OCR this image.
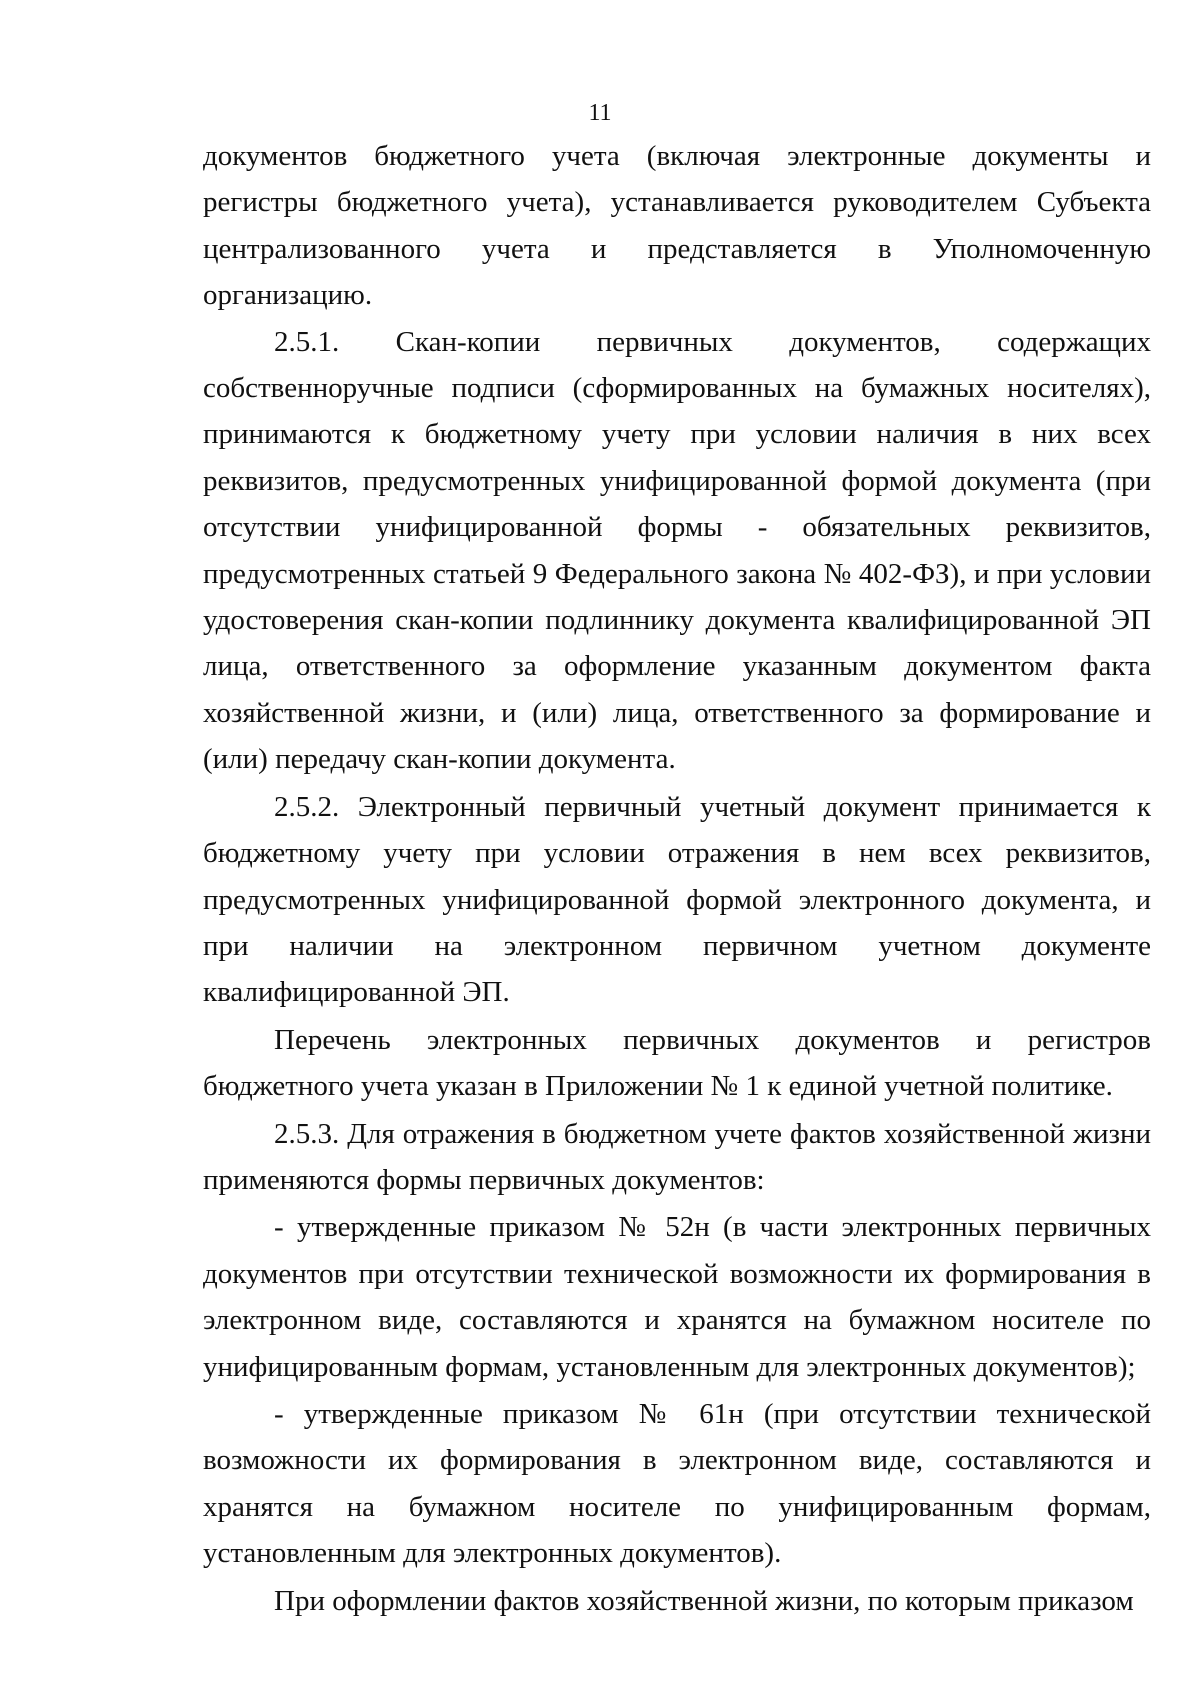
11

документов бюджетного учета (включая электронные документы и регистры бюджетного учета), устанавливается руководителем Субъекта централизованного учета и представляется в Уполномоченную организацию.

2.5.1. Скан-копии первичных документов, содержащих собственноручные подписи (сформированных на бумажных носителях), принимаются к бюджетному учету при условии наличия в них всех реквизитов, предусмотренных унифицированной формой документа (при отсутствии унифицированной формы - обязательных реквизитов, предусмотренных статьей 9 Федерального закона № 402-ФЗ), и при условии удостоверения скан-копии подлиннику документа квалифицированной ЭП лица, ответственного за оформление указанным документом факта хозяйственной жизни, и (или) лица, ответственного за формирование и (или) передачу скан-копии документа.

2.5.2. Электронный первичный учетный документ принимается к бюджетному учету при условии отражения в нем всех реквизитов, предусмотренных унифицированной формой электронного документа, и при наличии на электронном первичном учетном документе квалифицированной ЭП.

Перечень электронных первичных документов и регистров бюджетного учета указан в Приложении № 1 к единой учетной политике.

2.5.3. Для отражения в бюджетном учете фактов хозяйственной жизни применяются формы первичных документов:

- утвержденные приказом № 52н (в части электронных первичных документов при отсутствии технической возможности их формирования в электронном виде, составляются и хранятся на бумажном носителе по унифицированным формам, установленным для электронных документов);

- утвержденные приказом № 61н (при отсутствии технической возможности их формирования в электронном виде, составляются и хранятся на бумажном носителе по унифицированным формам, установленным для электронных документов).

При оформлении фактов хозяйственной жизни, по которым приказом
